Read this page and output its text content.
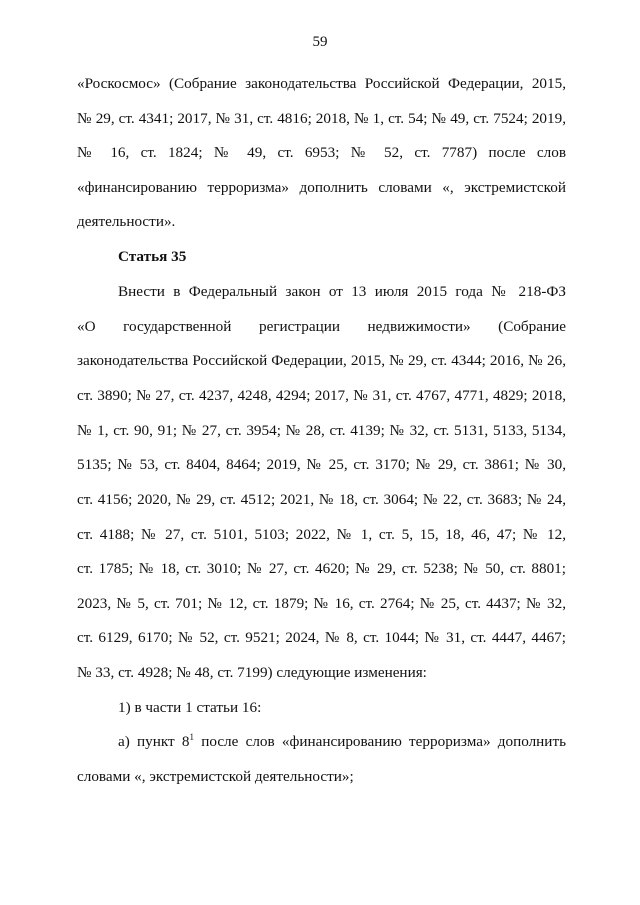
59
«Роскосмос» (Собрание законодательства Российской Федерации, 2015,
№ 29, ст. 4341; 2017, № 31, ст. 4816; 2018, № 1, ст. 54; № 49, ст. 7524; 2019,
№ 16, ст. 1824; № 49, ст. 6953; № 52, ст. 7787) после слов
«финансированию терроризма» дополнить словами «, экстремистской
деятельности».
Статья 35
Внести в Федеральный закон от 13 июля 2015 года № 218-ФЗ
«О государственной регистрации недвижимости» (Собрание
законодательства Российской Федерации, 2015, № 29, ст. 4344; 2016, № 26,
ст. 3890; № 27, ст. 4237, 4248, 4294; 2017, № 31, ст. 4767, 4771, 4829; 2018,
№ 1, ст. 90, 91; № 27, ст. 3954; № 28, ст. 4139; № 32, ст. 5131, 5133, 5134,
5135; № 53, ст. 8404, 8464; 2019, № 25, ст. 3170; № 29, ст. 3861; № 30,
ст. 4156; 2020, № 29, ст. 4512; 2021, № 18, ст. 3064; № 22, ст. 3683; № 24,
ст. 4188; № 27, ст. 5101, 5103; 2022, № 1, ст. 5, 15, 18, 46, 47; № 12,
ст. 1785; № 18, ст. 3010; № 27, ст. 4620; № 29, ст. 5238; № 50, ст. 8801;
2023, № 5, ст. 701; № 12, ст. 1879; № 16, ст. 2764; № 25, ст. 4437; № 32,
ст. 6129, 6170; № 52, ст. 9521; 2024, № 8, ст. 1044; № 31, ст. 4447, 4467;
№ 33, ст. 4928; № 48, ст. 7199) следующие изменения:
1) в части 1 статьи 16:
а) пункт $8^1$ после слов «финансированию терроризма» дополнить
словами «, экстремистской деятельности»;
